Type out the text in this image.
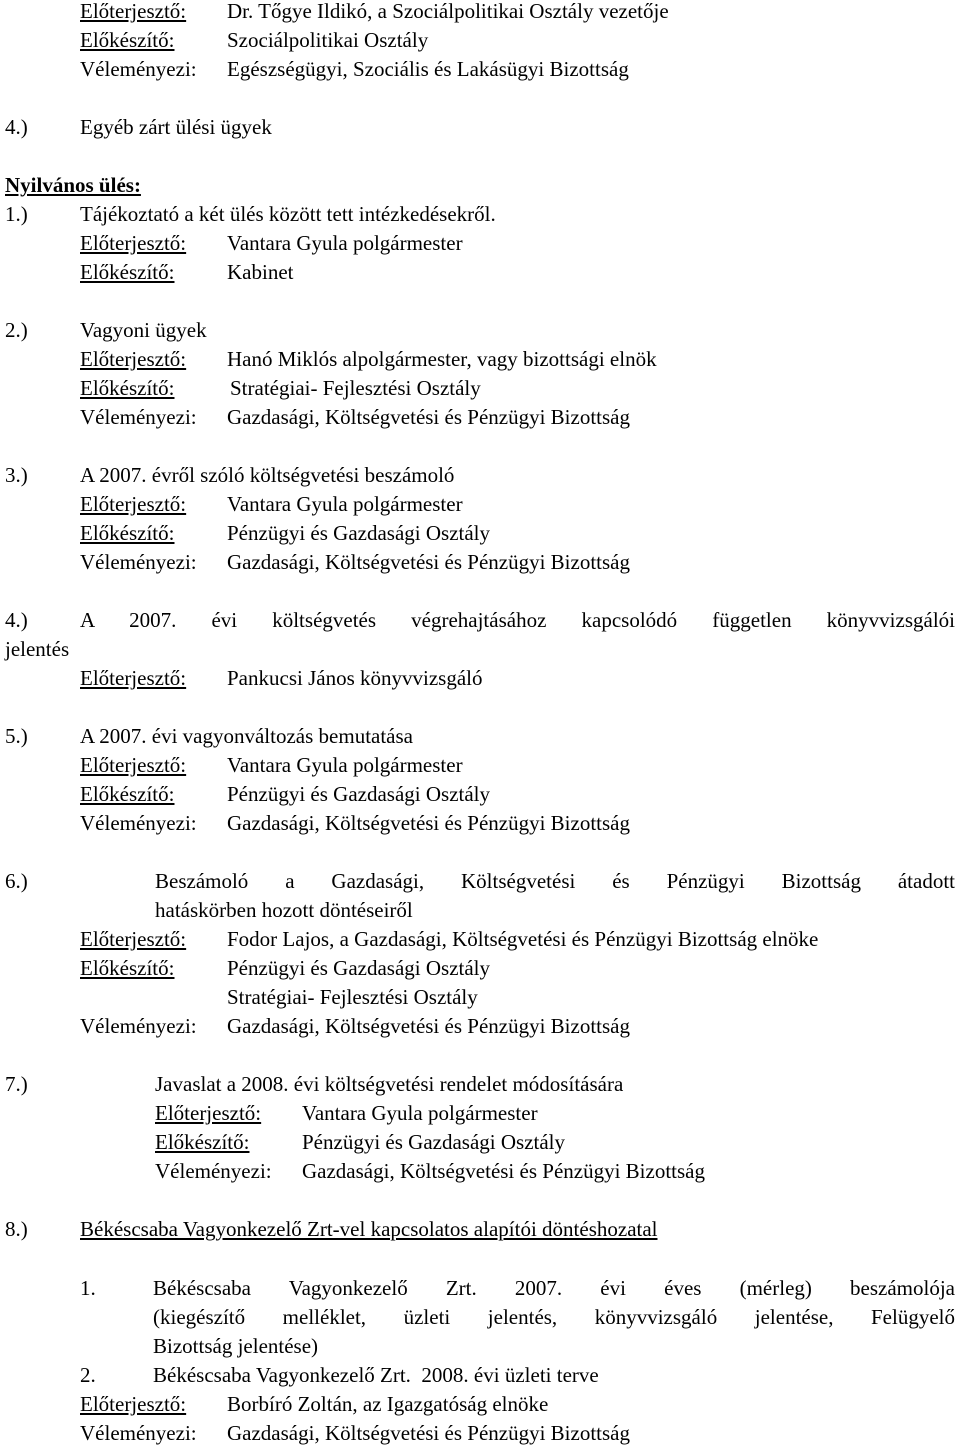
Előterjesztő: Dr. Tőgye Ildikó, a Szociálpolitikai Osztály vezetője
Előkészítő:	Szociálpolitikai Osztály
Véleményezi: Egészségügyi, Szociális és Lakásügyi Bizottság
4.) Egyéb zárt ülési ügyek
Nyilvános ülés:
1.) Tájékoztató a két ülés között tett intézkedésekről.
Előterjesztő: Vantara Gyula polgármester
Előkészítő:	Kabinet
2.) Vagyoni ügyek
Előterjesztő: Hanó Miklós alpolgármester, vagy bizottsági elnök
Előkészítő:	Stratégiai- Fejlesztési Osztály
Véleményezi: Gazdasági, Költségvetési és Pénzügyi Bizottság
3.) A 2007. évről szóló költségvetési beszámoló
Előterjesztő: Vantara Gyula polgármester
Előkészítő:	Pénzügyi és Gazdasági Osztály
Véleményezi: Gazdasági, Költségvetési és Pénzügyi Bizottság
4.) A 2007. évi költségvetés végrehajtásához kapcsolódó független könyvvizsgálói
jelentés
Előterjesztő: Pankucsi János könyvvizsgáló
5.) A 2007. évi vagyonváltozás bemutatása
Előterjesztő: Vantara Gyula polgármester
Előkészítő:	Pénzügyi és Gazdasági Osztály
Véleményezi: Gazdasági, Költségvetési és Pénzügyi Bizottság
6.)	Beszámoló a Gazdasági, Költségvetési és Pénzügyi Bizottság átadott
hatáskörben hozott döntéseiről
Előterjesztő: Fodor Lajos, a Gazdasági, Költségvetési és Pénzügyi Bizottság elnöke
Előkészítő:	Pénzügyi és Gazdasági Osztály
Stratégiai- Fejlesztési Osztály
Véleményezi: Gazdasági, Költségvetési és Pénzügyi Bizottság
7.)	Javaslat a 2008. évi költségvetési rendelet módosítására
Előterjesztő: Vantara Gyula polgármester
Előkészítő:	Pénzügyi és Gazdasági Osztály
Véleményezi: Gazdasági, Költségvetési és Pénzügyi Bizottság
8.) Békéscsaba Vagyonkezelő Zrt-vel kapcsolatos alapítói döntéshozatal
1.	Békéscsaba Vagyonkezelő Zrt. 2007. évi éves (mérleg) beszámolója
(kiegészítő melléklet, üzleti jelentés, könyvvizsgáló jelentése, Felügyelő
Bizottság jelentése)
2.	Békéscsaba Vagyonkezelő Zrt.  2008. évi üzleti terve
Előterjesztő: Borbíró Zoltán, az Igazgatóság elnöke
Véleményezi: Gazdasági, Költségvetési és Pénzügyi Bizottság
